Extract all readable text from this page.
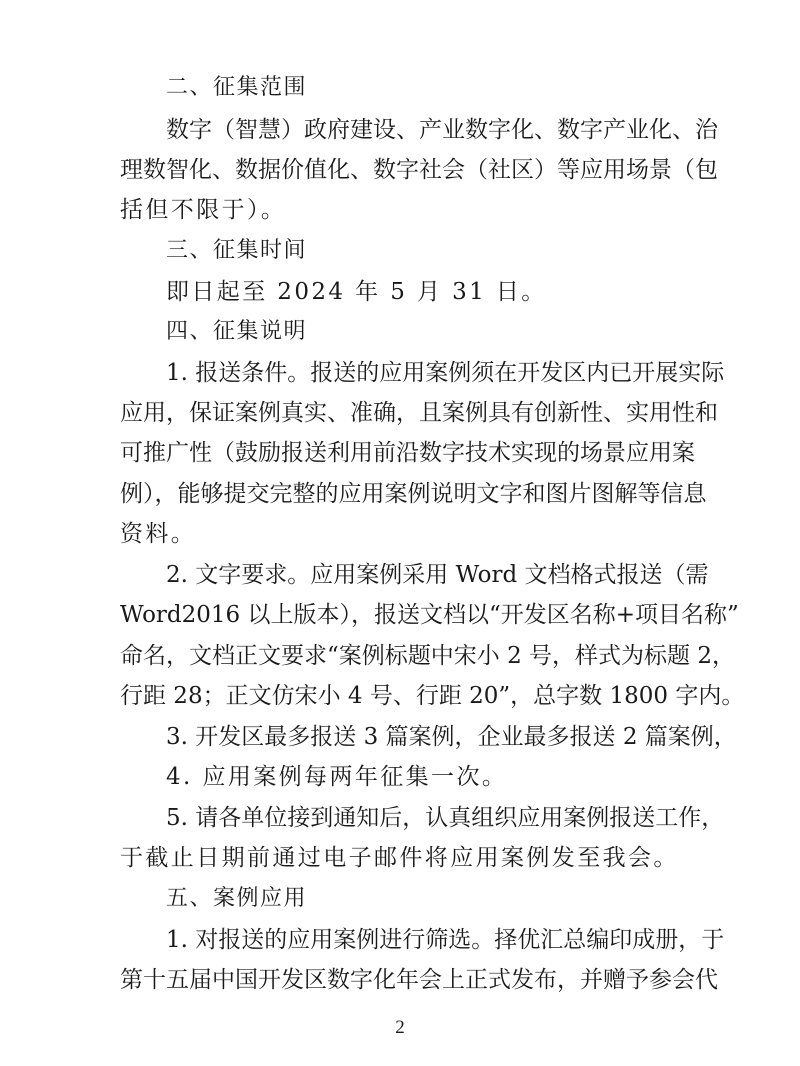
二、征集范围
数字（智慧）政府建设、产业数字化、数字产业化、治
理数智化、数据价值化、数字社会（社区）等应用场景（包
括但不限于）。
三、征集时间
即日起至 2024 年 5 月 31 日。
四、征集说明
1. 报送条件。报送的应用案例须在开发区内已开展实际
应用，保证案例真实、准确，且案例具有创新性、实用性和
可推广性（鼓励报送利用前沿数字技术实现的场景应用案
例），能够提交完整的应用案例说明文字和图片图解等信息
资料。
2. 文字要求。应用案例采用 Word 文档格式报送（需
Word2016 以上版本），报送文档以“开发区名称+项目名称”
命名，文档正文要求“案例标题中宋小 2 号，样式为标题 2，
行距 28；正文仿宋小 4 号、行距 20”，总字数 1800 字内。
3. 开发区最多报送 3 篇案例，企业最多报送 2 篇案例，
4. 应用案例每两年征集一次。
5. 请各单位接到通知后，认真组织应用案例报送工作，
于截止日期前通过电子邮件将应用案例发至我会。
五、案例应用
1. 对报送的应用案例进行筛选。择优汇总编印成册，于
第十五届中国开发区数字化年会上正式发布，并赠予参会代
2
